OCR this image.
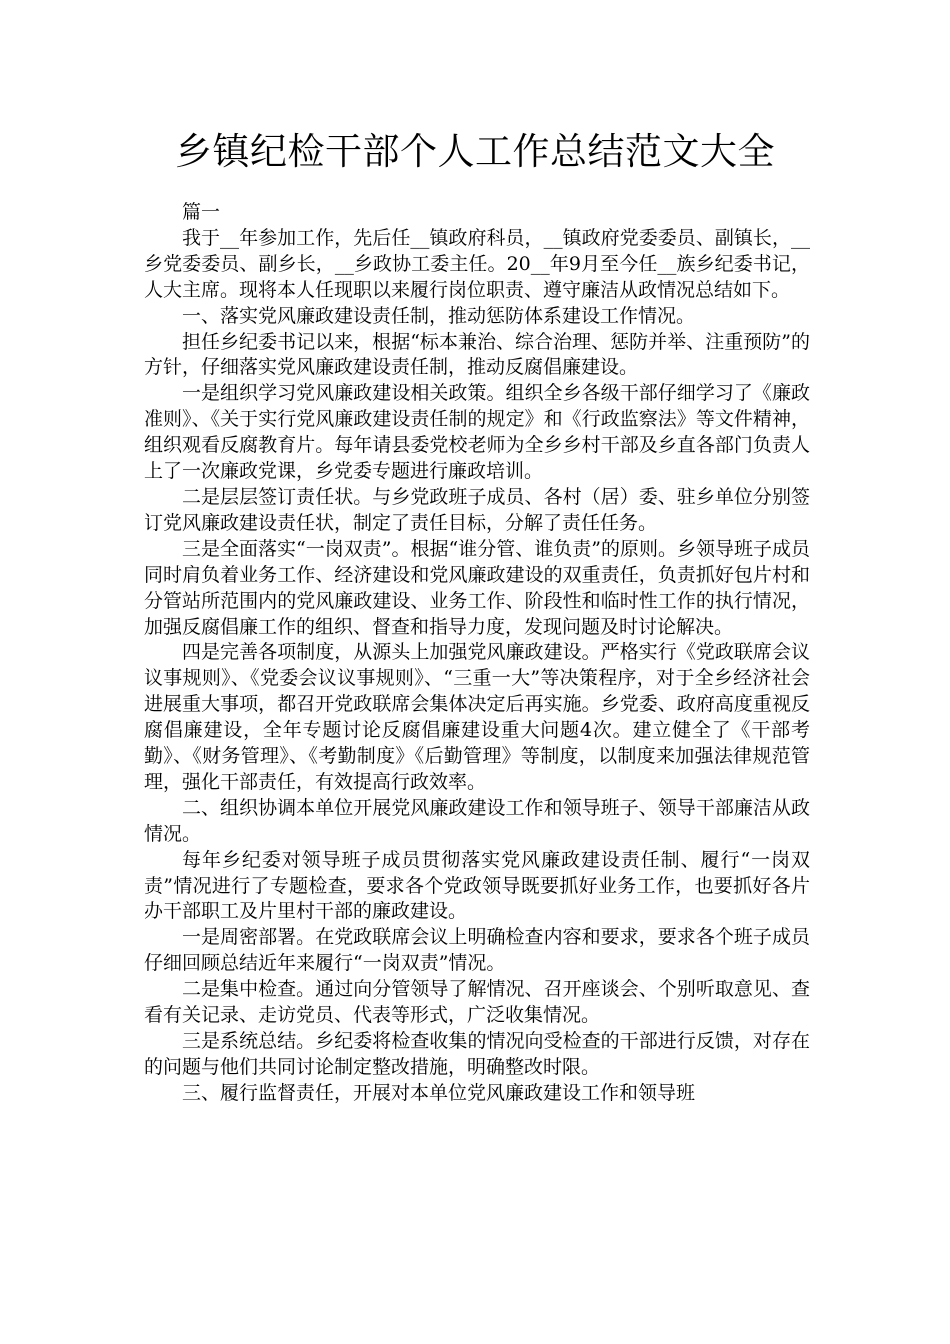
乡镇纪检干部个人工作总结范文大全

篇一

我于__年参加工作，先后任__镇政府科员，__镇政府党委委员、副镇长，__乡党委委员、副乡长，__乡政协工委主任。20__年9月至今任__族乡纪委书记，人大主席。现将本人任现职以来履行岗位职责、遵守廉洁从政情况总结如下。

一、落实党风廉政建设责任制，推动惩防体系建设工作情况。

担任乡纪委书记以来，根据“标本兼治、综合治理、惩防并举、注重预防”的方针，仔细落实党风廉政建设责任制，推动反腐倡廉建设。

一是组织学习党风廉政建设相关政策。组织全乡各级干部仔细学习了《廉政准则》、《关于实行党风廉政建设责任制的规定》和《行政监察法》等文件精神，组织观看反腐教育片。每年请县委党校老师为全乡乡村干部及乡直各部门负责人上了一次廉政党课，乡党委专题进行廉政培训。

二是层层签订责任状。与乡党政班子成员、各村（居）委、驻乡单位分别签订党风廉政建设责任状，制定了责任目标，分解了责任任务。

三是全面落实“一岗双责”。根据“谁分管、谁负责”的原则。乡领导班子成员同时肩负着业务工作、经济建设和党风廉政建设的双重责任，负责抓好包片村和分管站所范围内的党风廉政建设、业务工作、阶段性和临时性工作的执行情况，加强反腐倡廉工作的组织、督查和指导力度，发现问题及时讨论解决。

四是完善各项制度，从源头上加强党风廉政建设。严格实行《党政联席会议议事规则》、《党委会议议事规则》、“三重一大”等决策程序，对于全乡经济社会进展重大事项，都召开党政联席会集体决定后再实施。乡党委、政府高度重视反腐倡廉建设，全年专题讨论反腐倡廉建设重大问题4次。建立健全了《干部考勤》、《财务管理》、《考勤制度》《后勤管理》等制度，以制度来加强法律规范管理，强化干部责任，有效提高行政效率。

二、组织协调本单位开展党风廉政建设工作和领导班子、领导干部廉洁从政情况。

每年乡纪委对领导班子成员贯彻落实党风廉政建设责任制、履行“一岗双责”情况进行了专题检查，要求各个党政领导既要抓好业务工作，也要抓好各片办干部职工及片里村干部的廉政建设。

一是周密部署。在党政联席会议上明确检查内容和要求，要求各个班子成员仔细回顾总结近年来履行“一岗双责”情况。

二是集中检查。通过向分管领导了解情况、召开座谈会、个别听取意见、查看有关记录、走访党员、代表等形式，广泛收集情况。

三是系统总结。乡纪委将检查收集的情况向受检查的干部进行反馈，对存在的问题与他们共同讨论制定整改措施，明确整改时限。

三、履行监督责任，开展对本单位党风廉政建设工作和领导班
